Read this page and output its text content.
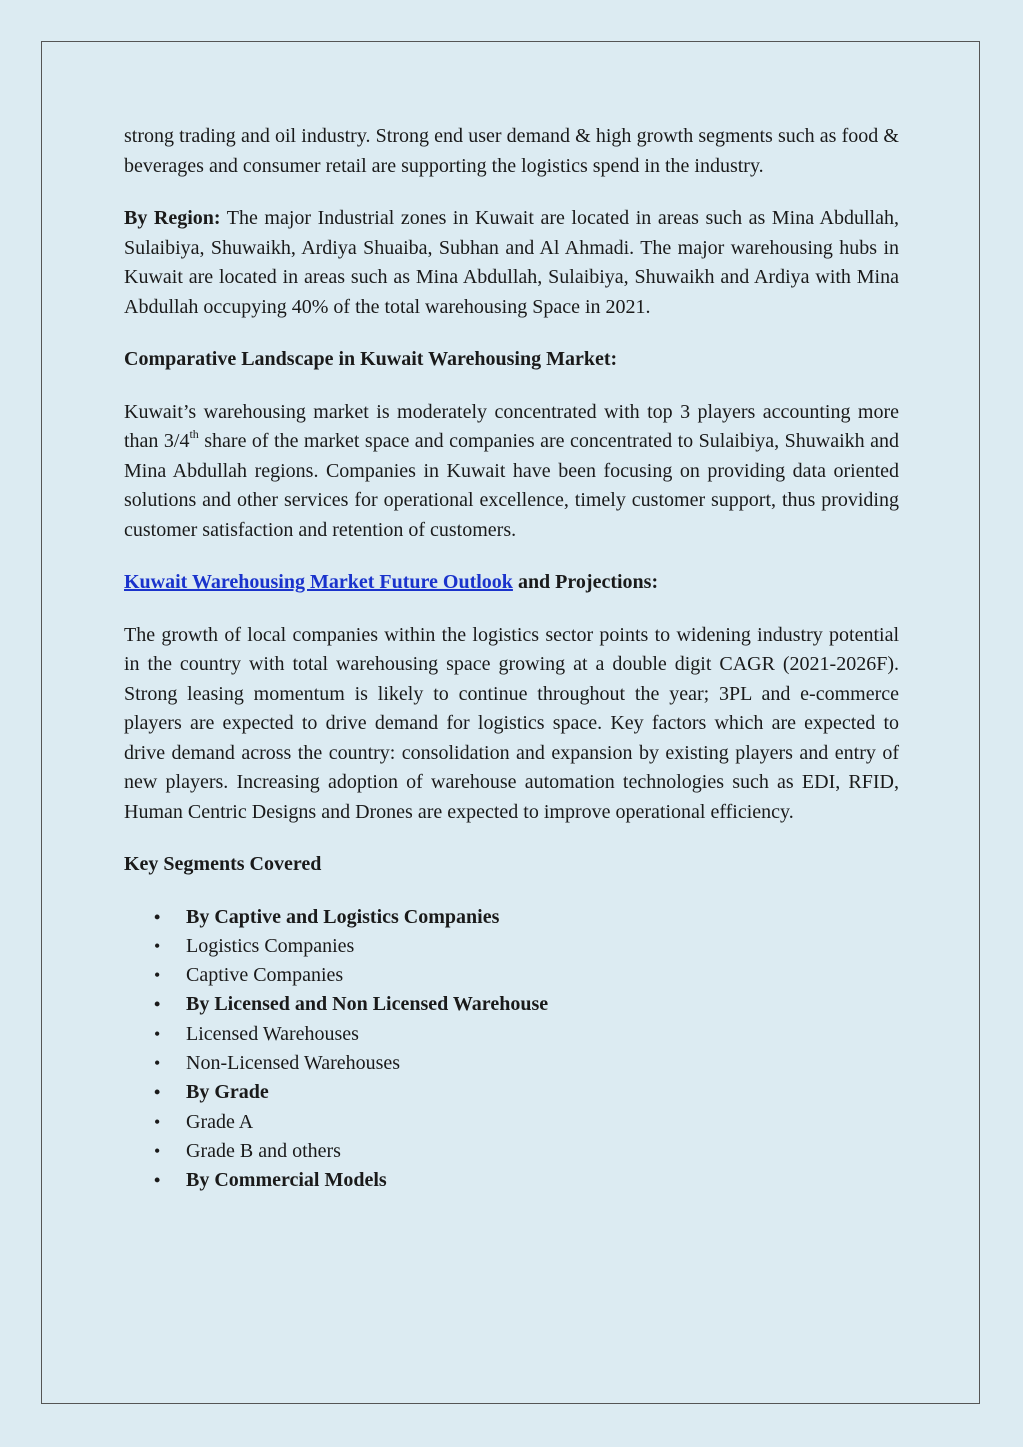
strong trading and oil industry. Strong end user demand & high growth segments such as food & beverages and consumer retail are supporting the logistics spend in the industry.

By Region: The major Industrial zones in Kuwait are located in areas such as Mina Abdullah, Sulaibiya, Shuwaikh, Ardiya Shuaiba, Subhan and Al Ahmadi. The major warehousing hubs in Kuwait are located in areas such as Mina Abdullah, Sulaibiya, Shuwaikh and Ardiya with Mina Abdullah occupying 40% of the total warehousing Space in 2021.

Comparative Landscape in Kuwait Warehousing Market:

Kuwait’s warehousing market is moderately concentrated with top 3 players accounting more than 3/4th share of the market space and companies are concentrated to Sulaibiya, Shuwaikh and Mina Abdullah regions. Companies in Kuwait have been focusing on providing data oriented solutions and other services for operational excellence, timely customer support, thus providing customer satisfaction and retention of customers.

Kuwait Warehousing Market Future Outlook and Projections:

The growth of local companies within the logistics sector points to widening industry potential in the country with total warehousing space growing at a double digit CAGR (2021-2026F). Strong leasing momentum is likely to continue throughout the year; 3PL and e-commerce players are expected to drive demand for logistics space. Key factors which are expected to drive demand across the country: consolidation and expansion by existing players and entry of new players. Increasing adoption of warehouse automation technologies such as EDI, RFID, Human Centric Designs and Drones are expected to improve operational efficiency.

Key Segments Covered
• By Captive and Logistics Companies
• Logistics Companies
• Captive Companies
• By Licensed and Non Licensed Warehouse
• Licensed Warehouses
• Non-Licensed Warehouses
• By Grade
• Grade A
• Grade B and others
• By Commercial Models
